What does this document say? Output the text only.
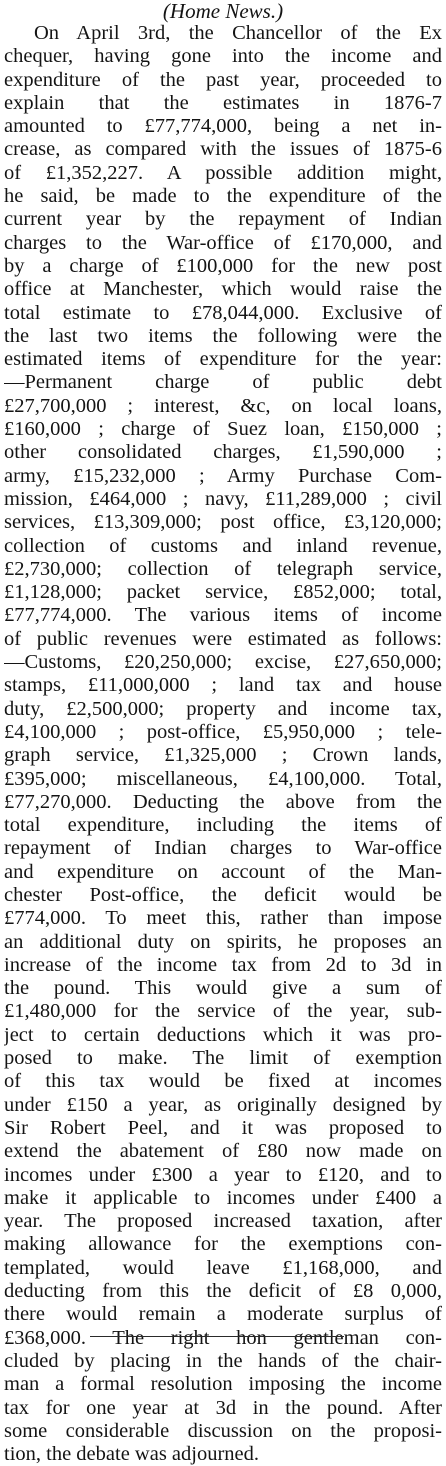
(Home News.)
On April 3rd, the Chancellor of the Ex
chequer, having gone into the income and
expenditure of the past year, proceeded to
explain that the estimates in 1876-7
amounted to £77,774,000, being a net in-
crease, as compared with the issues of 1875-6
of £1,352,227. A possible addition might,
he said, be made to the expenditure of the
current year by the repayment of Indian
charges to the War-office of £170,000, and
by a charge of £100,000 for the new post
office at Manchester, which would raise the
total estimate to £78,044,000. Exclusive of
the last two items the following were the
estimated items of expenditure for the year:
—Permanent charge of public debt
£27,700,000 ; interest, &c, on local loans,
£160,000 ; charge of Suez loan, £150,000 ;
other consolidated charges, £1,590,000 ;
army, £15,232,000 ; Army Purchase Com-
mission, £464,000 ; navy, £11,289,000 ; civil
services, £13,309,000; post office, £3,120,000;
collection of customs and inland revenue,
£2,730,000; collection of telegraph service,
£1,128,000; packet service, £852,000; total,
£77,774,000. The various items of income
of public revenues were estimated as follows:
—Customs, £20,250,000; excise, £27,650,000;
stamps, £11,000,000 ; land tax and house
duty, £2,500,000; property and income tax,
£4,100,000 ; post-office, £5,950,000 ; tele-
graph service, £1,325,000 ; Crown lands,
£395,000; miscellaneous, £4,100,000. Total,
£77,270,000. Deducting the above from the
total expenditure, including the items of
repayment of Indian charges to War-office
and expenditure on account of the Man-
chester Post-office, the deficit would be
£774,000. To meet this, rather than impose
an additional duty on spirits, he proposes an
increase of the income tax from 2d to 3d in
the pound. This would give a sum of
£1,480,000 for the service of the year, sub-
ject to certain deductions which it was pro-
posed to make. The limit of exemption
of this tax would be fixed at incomes
under £150 a year, as originally designed by
Sir Robert Peel, and it was proposed to
extend the abatement of £80 now made on
incomes under £300 a year to £120, and to
make it applicable to incomes under £400 a
year. The proposed increased taxation, after
making allowance for the exemptions con-
templated, would leave £1,168,000, and
deducting from this the deficit of £8 0,000,
there would remain a moderate surplus of
£368,000. The right hon gentleman con-
cluded by placing in the hands of the chair-
man a formal resolution imposing the income
tax for one year at 3d in the pound. After
some considerable discussion on the proposi-
tion, the debate was adjourned.
